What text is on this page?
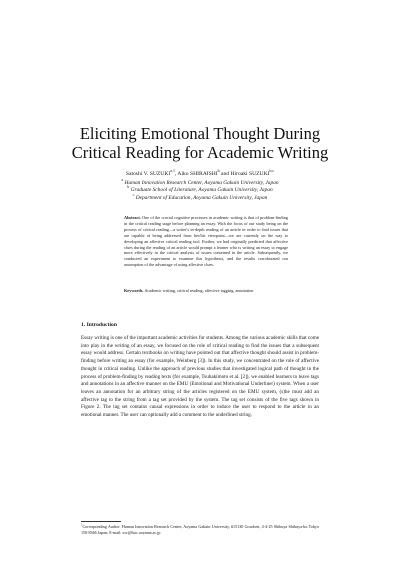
Eliciting Emotional Thought During
Critical Reading for Academic Writing
Satoshi V. SUZUKI$^{a,1}$, Aiko SHIRAISHI$^b$ and Hiroaki SUZUKI$^{b,c}$
$^a$ Human Innovation Research Center, Aoyama Gakuin University, Japan
$^b$ Graduate School of Literature, Aoyama Gakuin University, Japan
$^c$ Department of Education, Aoyama Gakuin University, Japan
Abstract. One of the crucial cognitive processes in academic writing is that of problem-finding in the critical reading stage before planning an essay. With the focus of our study being on the process of critical reading—a writer's in-depth reading of an article in order to find issues that are capable of being addressed from her/his viewpoint—we are currently on the way to developing an affective critical reading tool. Further, we had originally predicted that affective clues during the reading of an article would prompt a learner who is writing an essay to engage more effectively in the critical analysis of issues contained in the article. Subsequently, we conducted an experiment to examine this hypothesis, and the results corroborated our assumption of the advantage of using affective clues.
Keywords. Academic writing, critical reading, affective tagging, annotation
1. Introduction
Essay writing is one of the important academic activities for students. Among the various academic skills that come into play in the writing of an essay, we focused on the role of critical reading to find the issues that a subsequent essay would address. Certain textbooks on writing have pointed out that affective thought should assist in problem-finding before writing an essay (for example, Weinberg [3]). In this study, we concentrated on the role of affective thought in critical reading. Unlike the approach of previous studies that investigated logical path of thought in the process of problem-finding by reading texts (for example, Tsubakimoto et al. [2]), we enabled learners to leave tags and annotations in an affective manner on the EMU (Emotional and Motivational Underliner) system. When a user leaves an annotation for an arbitrary string of the articles registered on the EMU system, (s)he must add an affective tag to the string from a tag set provided by the system. The tag set consists of the five tags shown in Figure 2. The tag set contains causal expressions in order to induce the user to respond to the article in an emotional manner. The user can optionally add a comment to the underlined string.
$^1$Corresponding Author: Human Innovation Research Center, Aoyama Gakuin University, #15130 Gouchen, 4-4-25 Shibuya Shibuya-ku Tokyo 150-8366 Japan; E-mail: ssv@hirc.aoyama.ac.jp
